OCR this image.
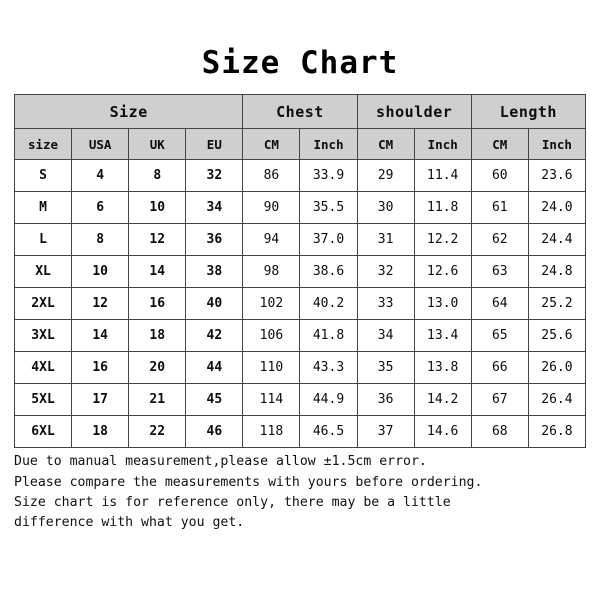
Size Chart
Size				Chest		shoulder		Length	
size	USA	UK	EU	CM	Inch	CM	Inch	CM	Inch
S	4	8	32	86	33.9	29	11.4	60	23.6
M	6	10	34	90	35.5	30	11.8	61	24.0
L	8	12	36	94	37.0	31	12.2	62	24.4
XL	10	14	38	98	38.6	32	12.6	63	24.8
2XL	12	16	40	102	40.2	33	13.0	64	25.2
3XL	14	18	42	106	41.8	34	13.4	65	25.6
4XL	16	20	44	110	43.3	35	13.8	66	26.0
5XL	17	21	45	114	44.9	36	14.2	67	26.4
6XL	18	22	46	118	46.5	37	14.6	68	26.8
Due to manual measurement,please allow ±1.5cm error.
Please compare the measurements with yours before ordering.
Size chart is for reference only, there may be a little
difference with what you get.
